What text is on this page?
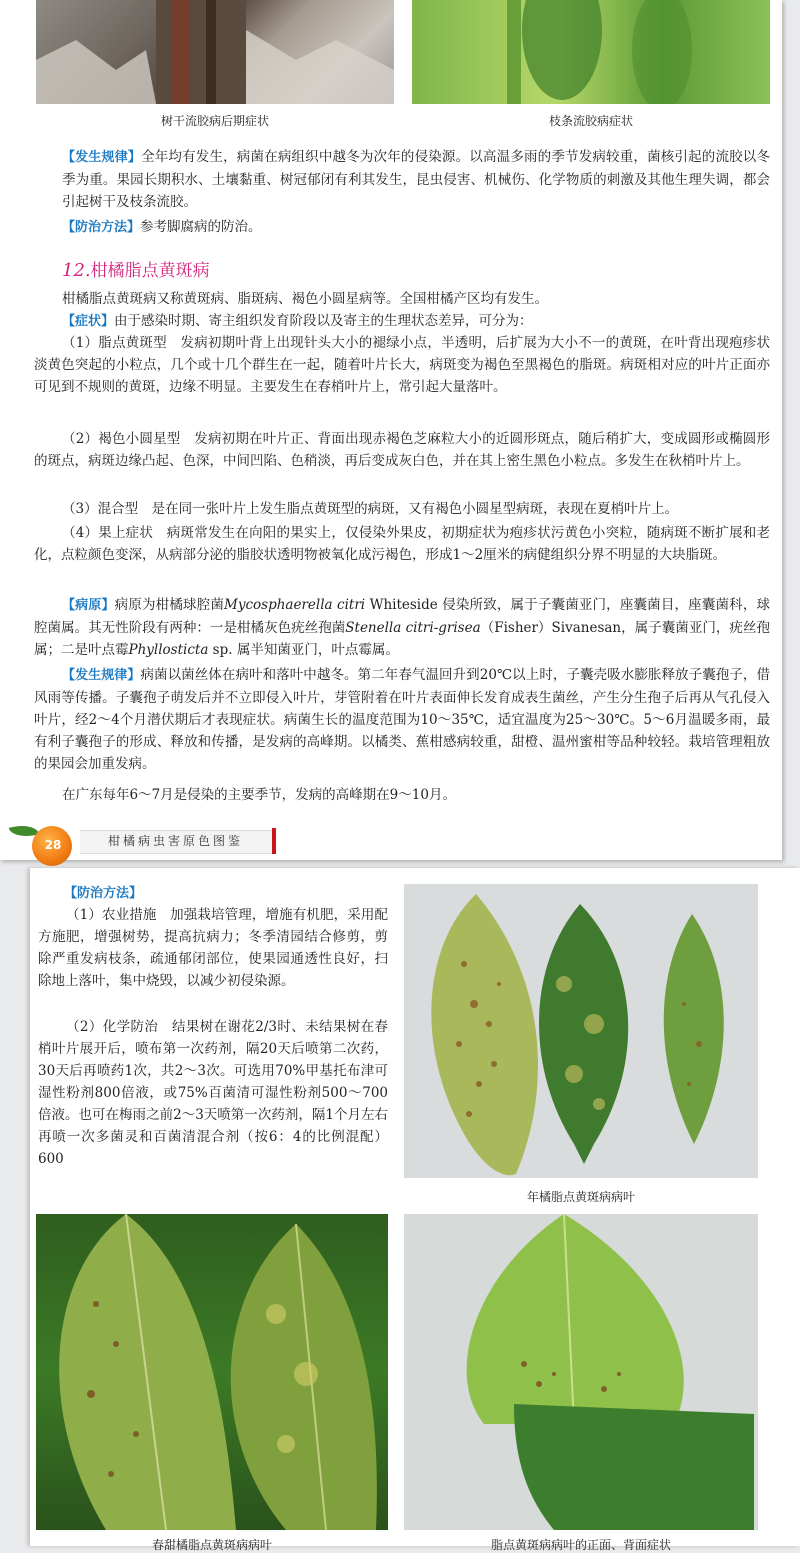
树干流胶病后期症状	枝条流胶病症状

【发生规律】全年均有发生，病菌在病组织中越冬为次年的侵染源。以高温多雨的季节发病较重，菌核引起的流胶以冬季为重。果园长期积水、土壤黏重、树冠郁闭有利其发生，昆虫侵害、机械伤、化学物质的刺激及其他生理失调，都会引起树干及枝条流胶。

【防治方法】参考脚腐病的防治。

12.柑橘脂点黄斑病

柑橘脂点黄斑病又称黄斑病、脂斑病、褐色小圆星病等。全国柑橘产区均有发生。

【症状】由于感染时期、寄主组织发育阶段以及寄主的生理状态差异，可分为：

（1）脂点黄斑型　发病初期叶背上出现针头大小的褪绿小点，半透明，后扩展为大小不一的黄斑，在叶背出现疱疹状淡黄色突起的小粒点，几个或十几个群生在一起，随着叶片长大，病斑变为褐色至黑褐色的脂斑。病斑相对应的叶片正面亦可见到不规则的黄斑，边缘不明显。主要发生在春梢叶片上，常引起大量落叶。

（2）褐色小圆星型　发病初期在叶片正、背面出现赤褐色芝麻粒大小的近圆形斑点，随后稍扩大，变成圆形或椭圆形的斑点，病斑边缘凸起、色深，中间凹陷、色稍淡，再后变成灰白色，并在其上密生黑色小粒点。多发生在秋梢叶片上。

（3）混合型　是在同一张叶片上发生脂点黄斑型的病斑，又有褐色小圆星型病斑，表现在夏梢叶片上。

（4）果上症状　病斑常发生在向阳的果实上，仅侵染外果皮，初期症状为疱疹状污黄色小突粒，随病斑不断扩展和老化，点粒颜色变深，从病部分泌的脂胶状透明物被氧化成污褐色，形成1～2厘米的病健组织分界不明显的大块脂斑。

【病原】病原为柑橘球腔菌Mycosphaerella citri Whiteside 侵染所致，属于子囊菌亚门，座囊菌目，座囊菌科，球腔菌属。其无性阶段有两种：一是柑橘灰色疣丝孢菌Stenella citri-grisea（Fisher）Sivanesan，属子囊菌亚门，疣丝孢属；二是叶点霉Phyllosticta sp. 属半知菌亚门，叶点霉属。

【发生规律】病菌以菌丝体在病叶和落叶中越冬。第二年春气温回升到20℃以上时，子囊壳吸水膨胀释放子囊孢子，借风雨等传播。子囊孢子萌发后并不立即侵入叶片，芽管附着在叶片表面伸长发育成表生菌丝，产生分生孢子后再从气孔侵入叶片，经2～4个月潜伏期后才表现症状。病菌生长的温度范围为10～35℃，适宜温度为25～30℃。5～6月温暖多雨，最有利子囊孢子的形成、释放和传播，是发病的高峰期。以橘类、蕉柑感病较重，甜橙、温州蜜柑等品种较轻。栽培管理粗放的果园会加重发病。

在广东每年6～7月是侵染的主要季节，发病的高峰期在9～10月。

28	柑橘病虫害原色图鉴

【防治方法】

（1）农业措施　加强栽培管理，增施有机肥，采用配方施肥，增强树势，提高抗病力；冬季清园结合修剪，剪除严重发病枝条，疏通郁闭部位，使果园通透性良好，扫除地上落叶，集中烧毁，以减少初侵染源。

（2）化学防治　结果树在谢花2/3时、未结果树在春梢叶片展开后，喷布第一次药剂，隔20天后喷第二次药，30天后再喷药1次，共2～3次。可选用70%甲基托布津可湿性粉剂800倍液，或75%百菌清可湿性粉剂500～700倍液。也可在梅雨之前2～3天喷第一次药剂，隔1个月左右再喷一次多菌灵和百菌清混合剂（按6：4的比例混配）600

年橘脂点黄斑病病叶
春甜橘脂点黄斑病病叶	脂点黄斑病病叶的正面、背面症状
